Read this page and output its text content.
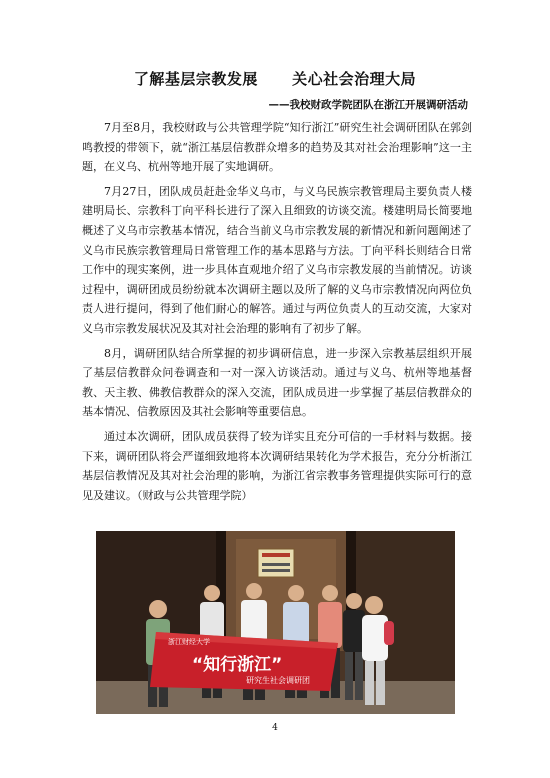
了解基层宗教发展      关心社会治理大局
——我校财政学院团队在浙江开展调研活动

7月至8月，我校财政与公共管理学院“知行浙江”研究生社会调研团队在郭剑鸣教授的带领下，就“浙江基层信教群众增多的趋势及其对社会治理影响”这一主题，在义乌、杭州等地开展了实地调研。

7月27日，团队成员赶赴金华义乌市，与义乌民族宗教管理局主要负责人楼建明局长、宗教科丁向平科长进行了深入且细致的访谈交流。楼建明局长简要地概述了义乌市宗教基本情况，结合当前义乌市宗教发展的新情况和新问题阐述了义乌市民族宗教管理局日常管理工作的基本思路与方法。丁向平科长则结合日常工作中的现实案例，进一步具体直观地介绍了义乌市宗教发展的当前情况。访谈过程中，调研团成员纷纷就本次调研主题以及所了解的义乌市宗教情况向两位负责人进行提问，得到了他们耐心的解答。通过与两位负责人的互动交流，大家对义乌市宗教发展状况及其对社会治理的影响有了初步了解。

8月，调研团队结合所掌握的初步调研信息，进一步深入宗教基层组织开展了基层信教群众问卷调查和一对一深入访谈活动。通过与义乌、杭州等地基督教、天主教、佛教信教群众的深入交流，团队成员进一步掌握了基层信教群众的基本情况、信教原因及其社会影响等重要信息。

通过本次调研，团队成员获得了较为详实且充分可信的一手材料与数据。接下来，调研团队将会严谨细致地将本次调研结果转化为学术报告，充分分析浙江基层信教情况及其对社会治理的影响，为浙江省宗教事务管理提供实际可行的意见及建议。（财政与公共管理学院）

浙江财经大学
“知行浙江”
研究生社会调研团
4
